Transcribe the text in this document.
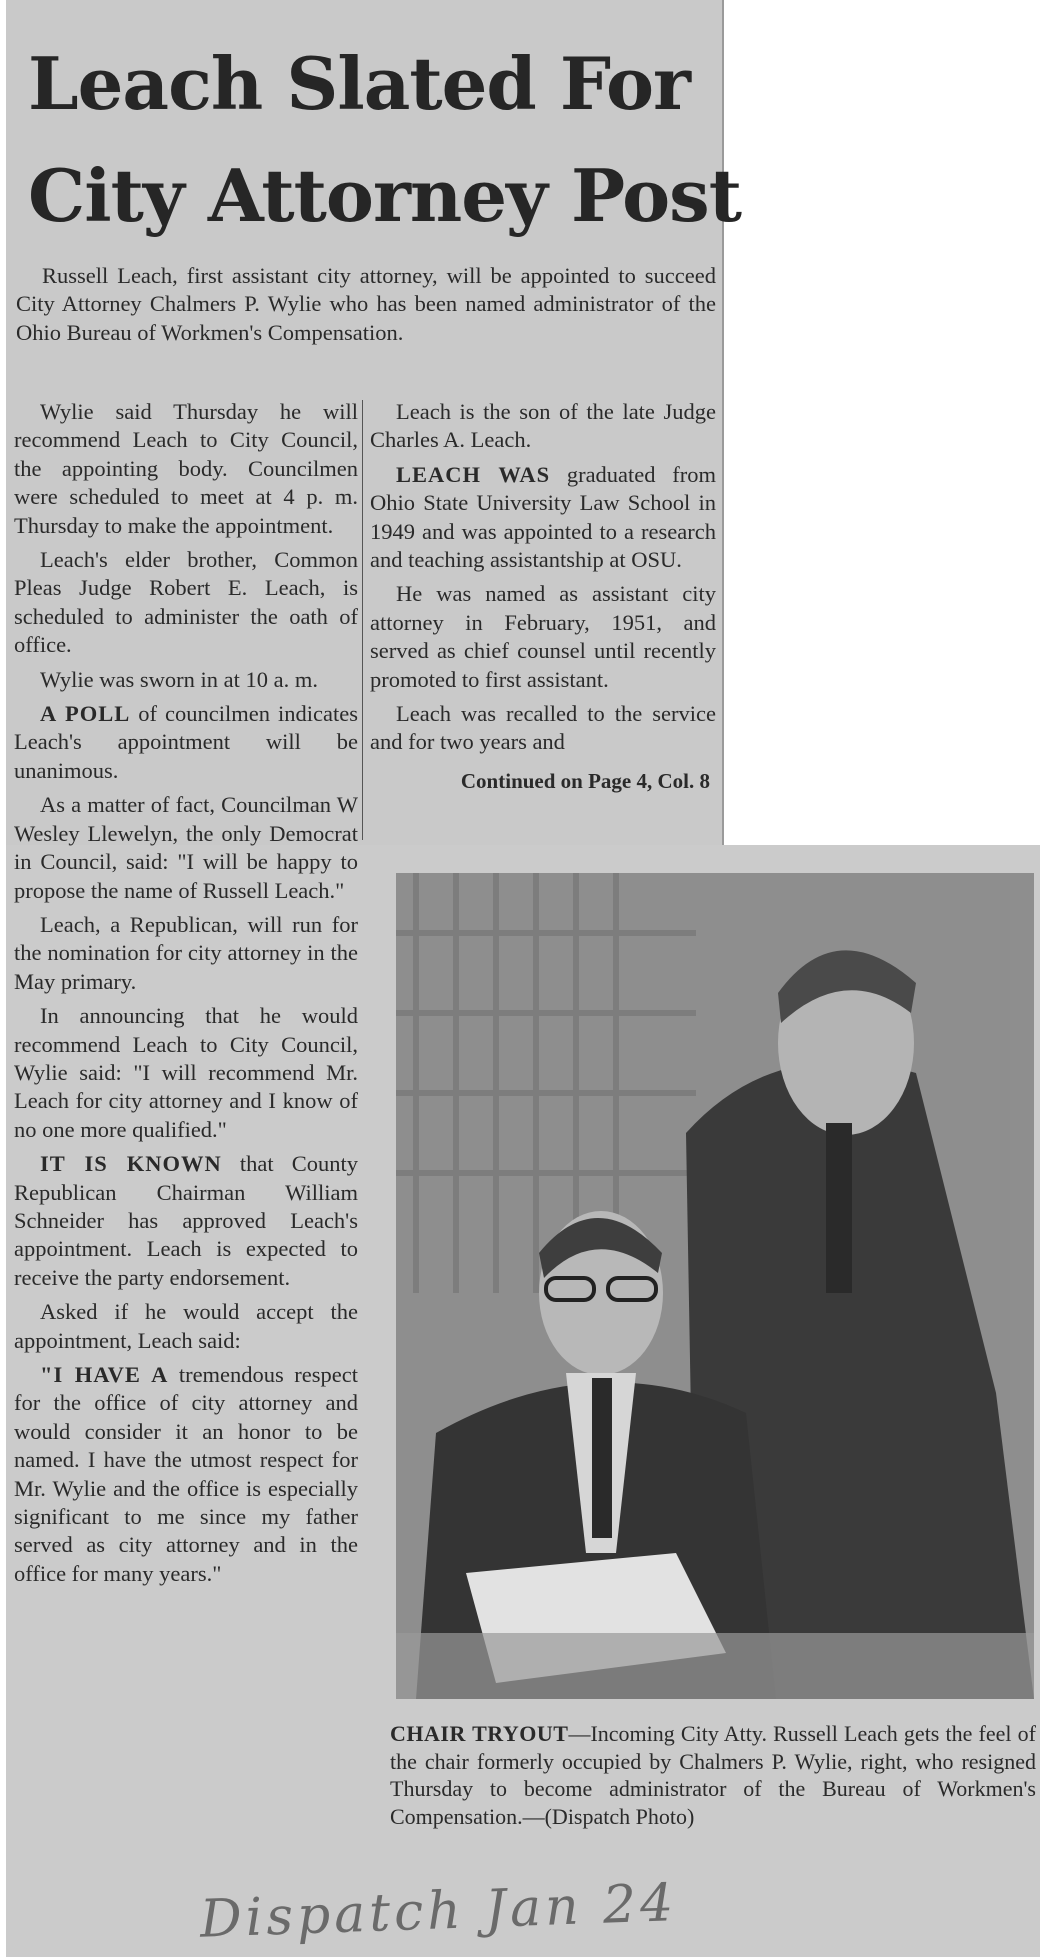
Leach Slated For
City Attorney Post

Russell Leach, first assistant city attorney, will be appointed to succeed City Attorney Chalmers P. Wylie who has been named administrator of the Ohio Bureau of Workmen's Compensation.

Wylie said Thursday he will recommend Leach to City Council, the appointing body. Councilmen were scheduled to meet at 4 p. m. Thursday to make the appointment.

Leach's elder brother, Common Pleas Judge Robert E. Leach, is scheduled to administer the oath of office.

Wylie was sworn in at 10 a. m.

A POLL of councilmen indicates Leach's appointment will be unanimous.

As a matter of fact, Councilman W Wesley Llewelyn, the only Democrat in Council, said: "I will be happy to propose the name of Russell Leach."

Leach, a Republican, will run for the nomination for city attorney in the May primary.

In announcing that he would recommend Leach to City Council, Wylie said: "I will recommend Mr. Leach for city attorney and I know of no one more qualified."

IT IS KNOWN that County Republican Chairman William Schneider has approved Leach's appointment. Leach is expected to receive the party endorsement.

Asked if he would accept the appointment, Leach said:

"I HAVE A tremendous respect for the office of city attorney and would consider it an honor to be named. I have the utmost respect for Mr. Wylie and the office is especially significant to me since my father served as city attorney and in the office for many years."

Leach is the son of the late Judge Charles A. Leach.

LEACH WAS graduated from Ohio State University Law School in 1949 and was appointed to a research and teaching assistantship at OSU.

He was named as assistant city attorney in February, 1951, and served as chief counsel until recently promoted to first assistant.

Leach was recalled to the service and for two years and

Continued on Page 4, Col. 8
CHAIR TRYOUT—Incoming City Atty. Russell Leach gets the feel of the chair formerly occupied by Chalmers P. Wylie, right, who resigned Thursday to become administrator of the Bureau of Workmen's Compensation.—(Dispatch Photo)
Dispatch Jan 24
